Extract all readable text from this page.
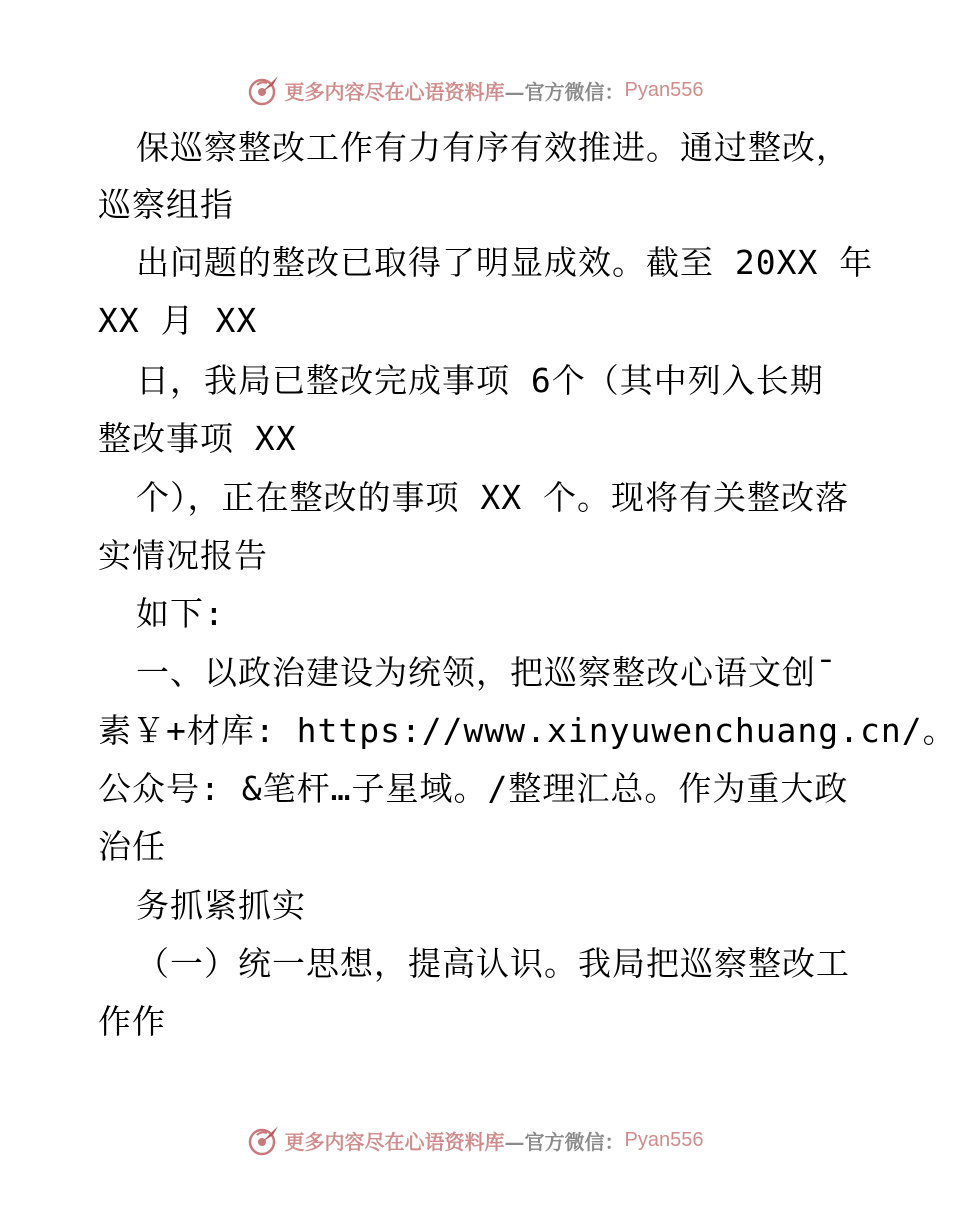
更多内容尽在心语资料库 —官方微信： Pyan556
保巡察整改工作有力有序有效推进。通过整改，
巡察组指
出问题的整改已取得了明显成效。截至 20XX 年
XX 月 XX
日，我局已整改完成事项 6个（其中列入长期
整改事项 XX
个），正在整改的事项 XX 个。现将有关整改落
实情况报告
如下:
一、以政治建设为统领，把巡察整改心语文创¯
素￥+材库: https://www.xinyuwenchuang.cn/。
公众号: &笔杆…子星域。/整理汇总。作为重大政
治任
务抓紧抓实
（一）统一思想，提高认识。我局把巡察整改工
作作
更多内容尽在心语资料库 —官方微信： Pyan556
